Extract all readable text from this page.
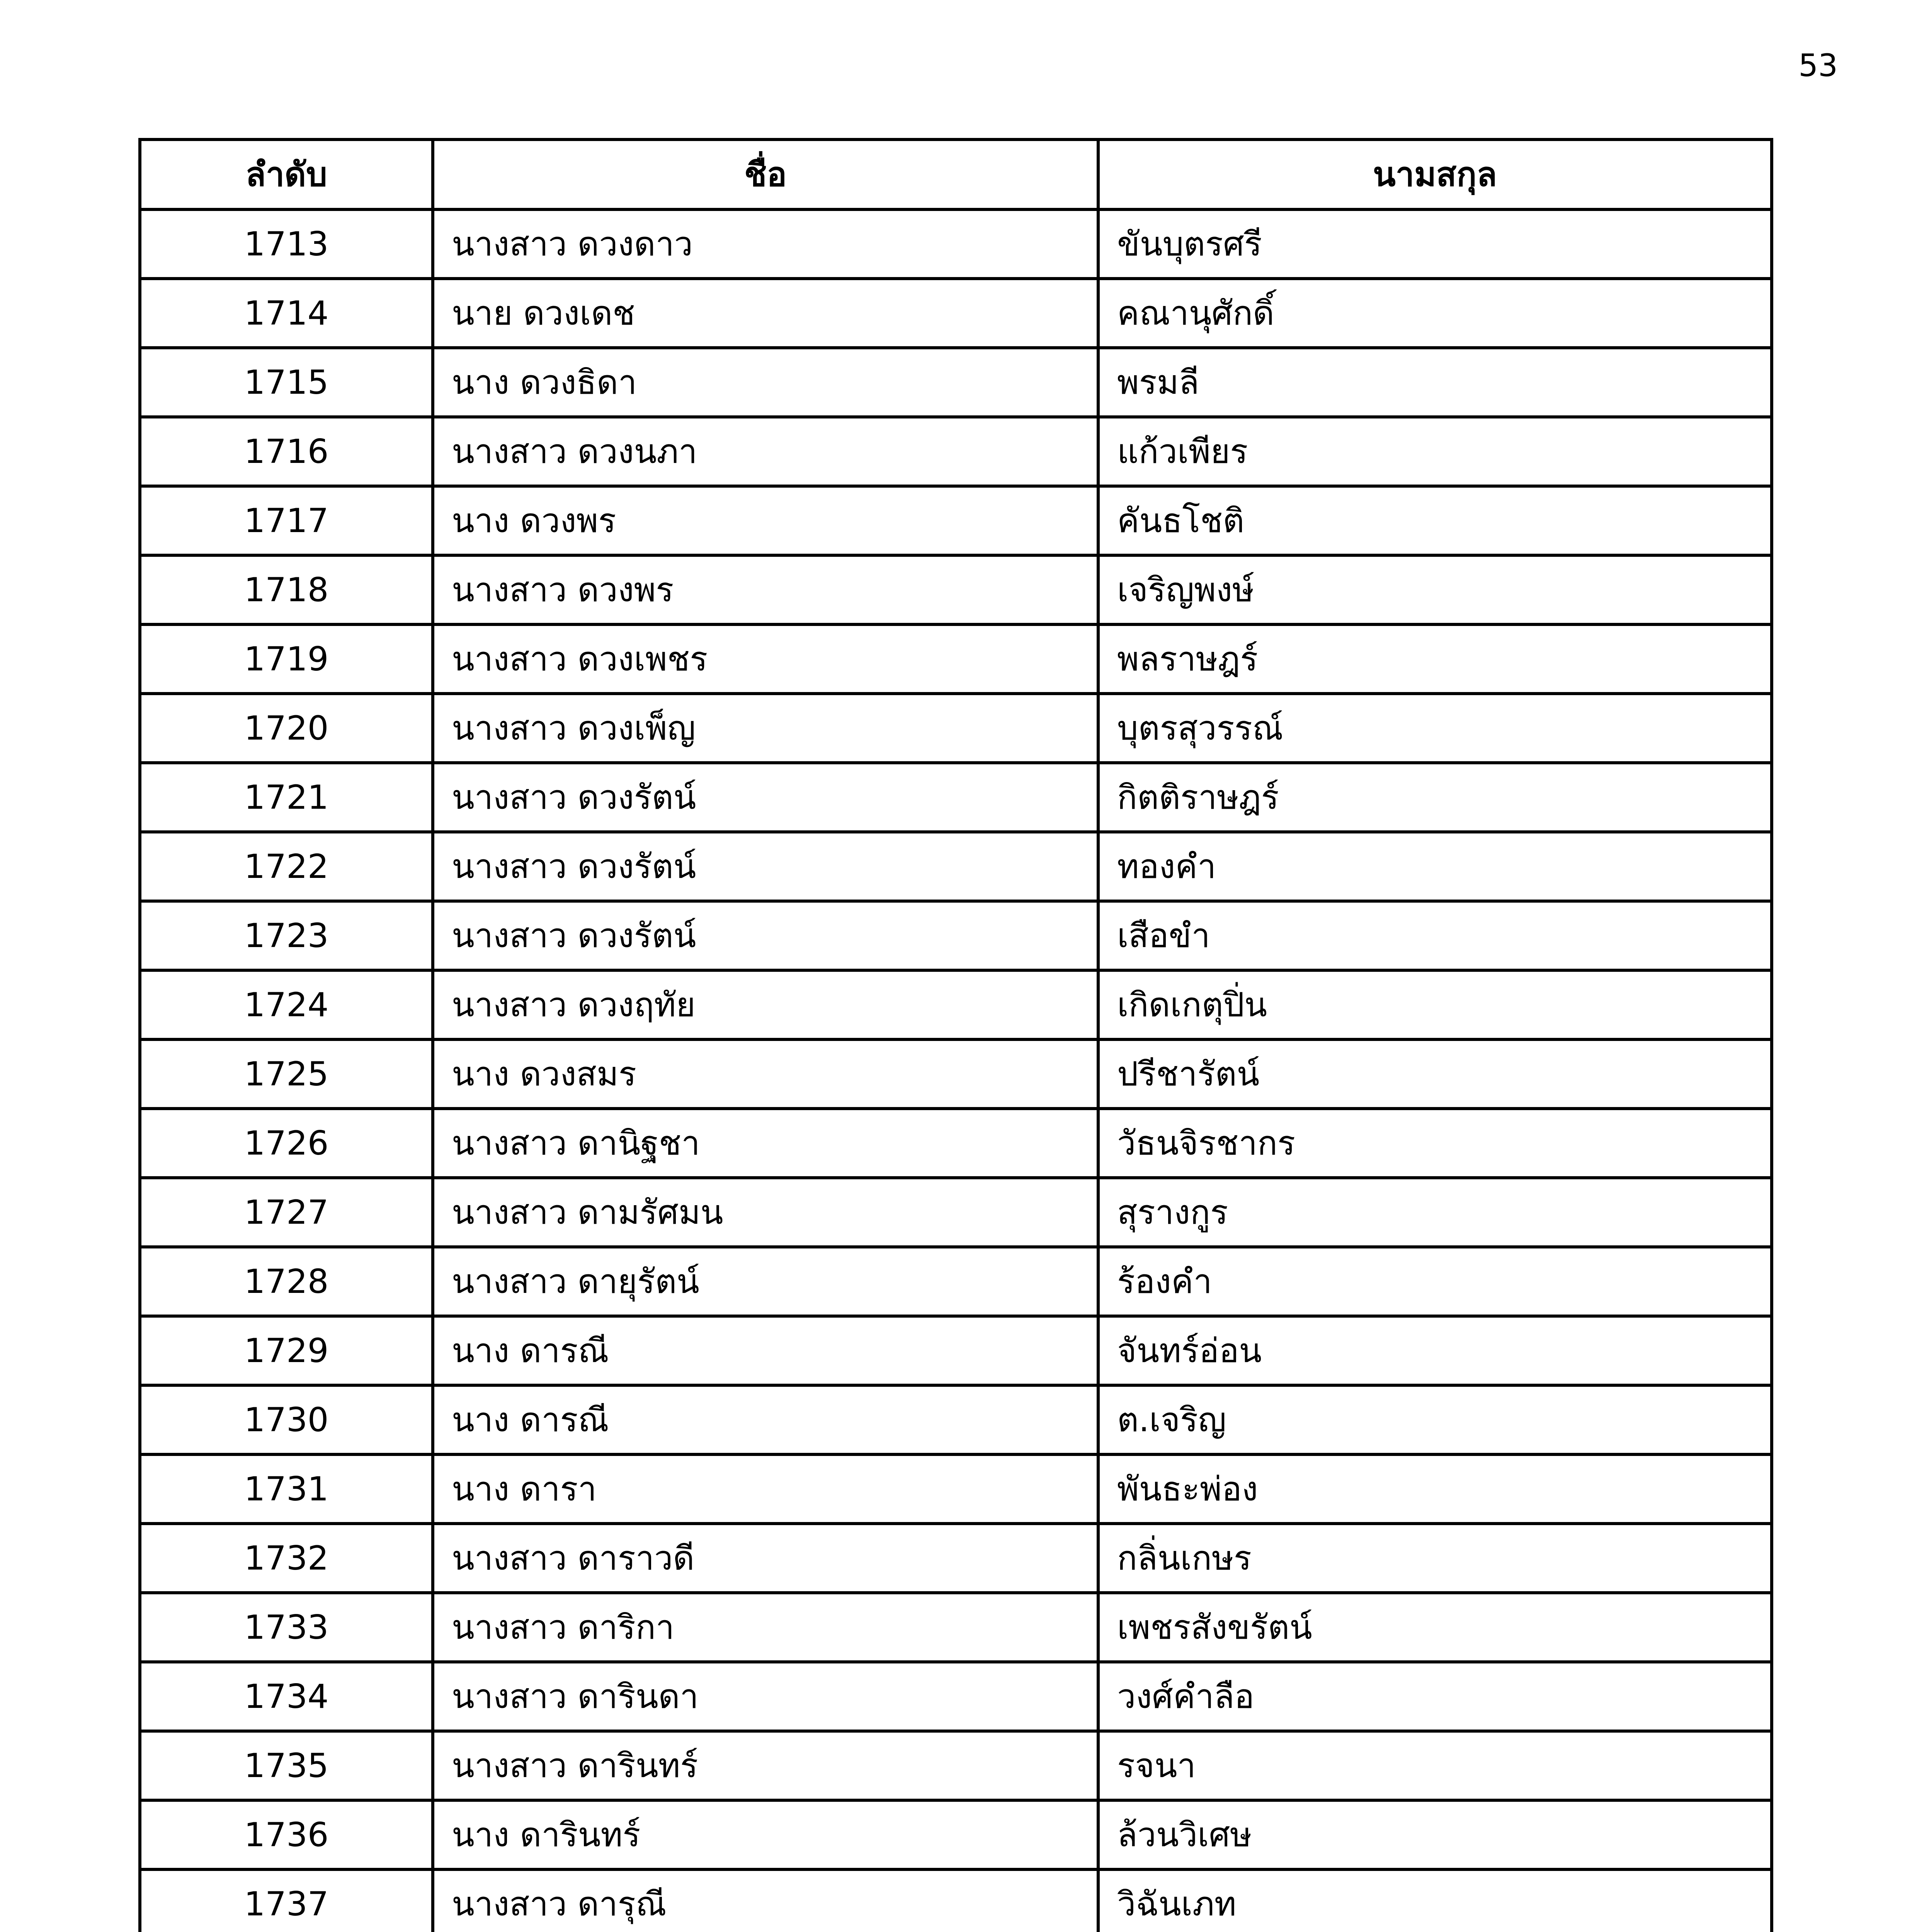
53
ลำดับ	ชื่อ	นามสกุล
1713	นางสาว ดวงดาว	ขันบุตรศรี
1714	นาย ดวงเดช	คณานุศักดิ์
1715	นาง ดวงธิดา	พรมลี
1716	นางสาว ดวงนภา	แก้วเพียร
1717	นาง ดวงพร	คันธโชติ
1718	นางสาว ดวงพร	เจริญพงษ์
1719	นางสาว ดวงเพชร	พลราษฎร์
1720	นางสาว ดวงเพ็ญ	บุตรสุวรรณ์
1721	นางสาว ดวงรัตน์	กิตติราษฎร์
1722	นางสาว ดวงรัตน์	ทองคำ
1723	นางสาว ดวงรัตน์	เสือขำ
1724	นางสาว ดวงฤทัย	เกิดเกตุปิ่น
1725	นาง ดวงสมร	ปรีชารัตน์
1726	นางสาว ดานิฐชา	วัธนจิรชากร
1727	นางสาว ดามรัศมน	สุรางกูร
1728	นางสาว ดายุรัตน์	ร้องคำ
1729	นาง ดารณี	จันทร์อ่อน
1730	นาง ดารณี	ต.เจริญ
1731	นาง ดารา	พันธะพ่อง
1732	นางสาว ดาราวดี	กลิ่นเกษร
1733	นางสาว ดาริกา	เพชรสังขรัตน์
1734	นางสาว ดารินดา	วงศ์คำลือ
1735	นางสาว ดารินทร์	รจนา
1736	นาง ดารินทร์	ล้วนวิเศษ
1737	นางสาว ดารุณี	วิฉันเภท
